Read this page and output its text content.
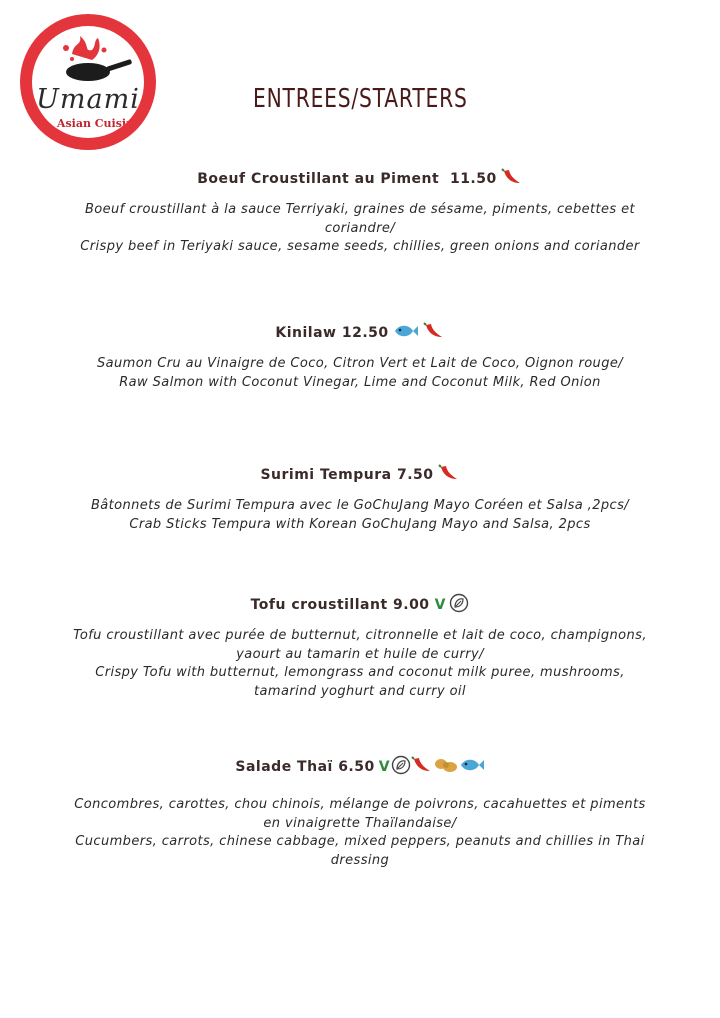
Umami
Asian Cuisine
ENTREES/STARTERS
Boeuf Croustillant au Piment  11.50

Boeuf croustillant à la sauce Terriyaki, graines de sésame, piments, cebettes et

coriandre/

Crispy beef in Teriyaki sauce, sesame seeds, chillies, green onions and coriander

Kinilaw 12.50

Saumon Cru au Vinaigre de Coco, Citron Vert et Lait de Coco, Oignon rouge/

Raw Salmon with Coconut Vinegar, Lime and Coconut Milk, Red Onion

Surimi Tempura 7.50

Bâtonnets de Surimi Tempura avec le GoChuJang Mayo Coréen et Salsa ,2pcs/

Crab Sticks Tempura with Korean GoChuJang Mayo and Salsa, 2pcs

Tofu croustillant 9.00 V

Tofu croustillant avec purée de butternut, citronnelle et lait de coco, champignons,

yaourt au tamarin et huile de curry/

Crispy Tofu with butternut, lemongrass and coconut milk puree, mushrooms,

tamarind yoghurt and curry oil

Salade Thaï 6.50 V

Concombres, carottes, chou chinois, mélange de poivrons, cacahuettes et piments

en vinaigrette Thaïlandaise/

Cucumbers, carrots, chinese cabbage, mixed peppers, peanuts and chillies in Thai

dressing
